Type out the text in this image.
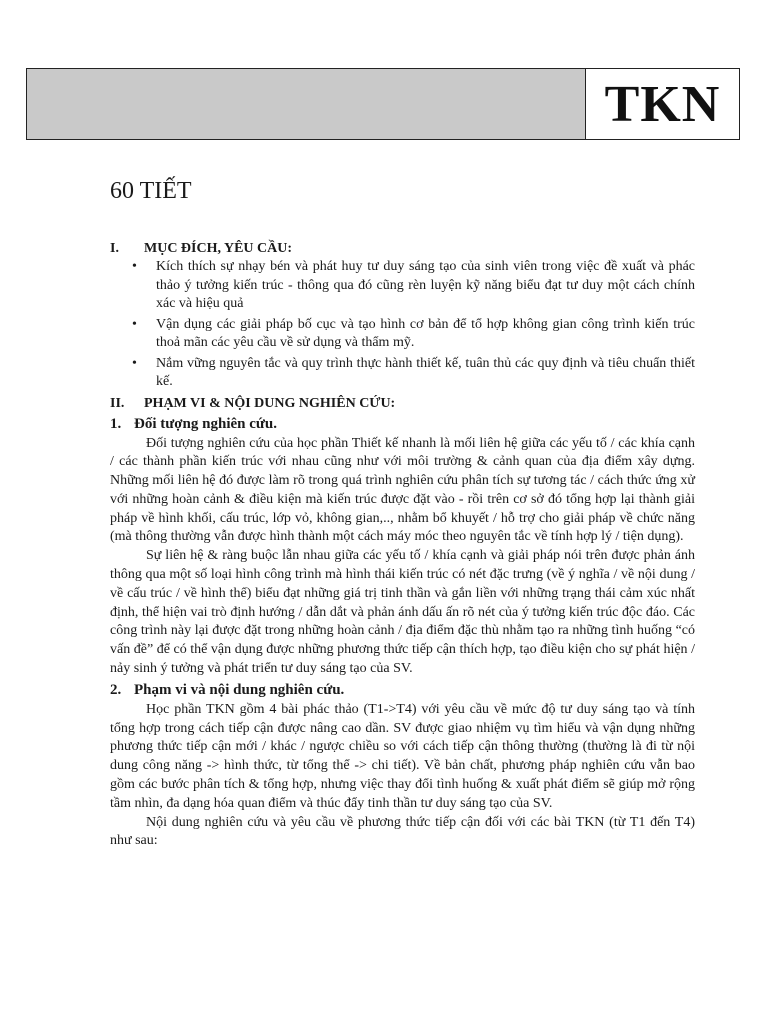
TKN
60 TIẾT
I.	MỤC ĐÍCH, YÊU CẦU:
• Kích thích sự nhạy bén và phát huy tư duy sáng tạo của sinh viên trong việc đề xuất và phác thảo ý tưởng kiến trúc - thông qua đó cũng rèn luyện kỹ năng biểu đạt tư duy một cách chính xác và hiệu quả
• Vận dụng các giải pháp bố cục và tạo hình cơ bản để tổ hợp không gian công trình kiến trúc thoả mãn các yêu cầu về sử dụng và thẩm mỹ.
• Nắm vững nguyên tắc và quy trình thực hành thiết kế, tuân thủ các quy định và tiêu chuẩn thiết kế.
II.	PHẠM VI & NỘI DUNG NGHIÊN CỨU:
1. Đối tượng nghiên cứu.

Đối tượng nghiên cứu của học phần Thiết kế nhanh là mối liên hệ giữa các yếu tố / các khía cạnh / các thành phần kiến trúc với nhau cũng như với môi trường & cảnh quan của địa điểm xây dựng. Những mối liên hệ đó được làm rõ trong quá trình nghiên cứu phân tích sự tương tác / cách thức ứng xử với những hoàn cảnh & điều kiện mà kiến trúc được đặt vào - rồi trên cơ sở đó tổng hợp lại thành giải pháp về hình khối, cấu trúc, lớp vỏ, không gian,.., nhằm bổ khuyết / hỗ trợ cho giải pháp về chức năng (mà thông thường vẫn được hình thành một cách máy móc theo nguyên tắc về tính hợp lý / tiện dụng).

Sự liên hệ & ràng buộc lẫn nhau giữa các yếu tố / khía cạnh và giải pháp nói trên được phản ánh thông qua một số loại hình công trình mà hình thái kiến trúc có nét đặc trưng (về ý nghĩa / về nội dung / về cấu trúc / về hình thể) biểu đạt những giá trị tinh thần và gắn liền với những trạng thái cảm xúc nhất định, thể hiện vai trò định hướng / dẫn dắt và phản ánh dấu ấn rõ nét của ý tưởng kiến trúc độc đáo. Các công trình này lại được đặt trong những hoàn cảnh / địa điểm đặc thù nhằm tạo ra những tình huống “có vấn đề” để có thể vận dụng được những phương thức tiếp cận thích hợp, tạo điều kiện cho sự phát hiện / nảy sinh ý tưởng và phát triển tư duy sáng tạo của SV.

2. Phạm vi và nội dung nghiên cứu.

Học phần TKN gồm 4 bài phác thảo (T1->T4) với yêu cầu về mức độ tư duy sáng tạo và tính tổng hợp trong cách tiếp cận được nâng cao dần. SV được giao nhiệm vụ tìm hiểu và vận dụng những phương thức tiếp cận mới / khác / ngược chiều so với cách tiếp cận thông thường (thường là đi từ nội dung công năng -> hình thức, từ tổng thể -> chi tiết). Về bản chất, phương pháp nghiên cứu vẫn bao gồm các bước phân tích & tổng hợp, nhưng việc thay đổi tình huống & xuất phát điểm sẽ giúp mở rộng tầm nhìn, đa dạng hóa quan điểm và thúc đẩy tinh thần tư duy sáng tạo của SV.

Nội dung nghiên cứu và yêu cầu về phương thức tiếp cận đối với các bài TKN (từ T1 đến T4) như sau:
